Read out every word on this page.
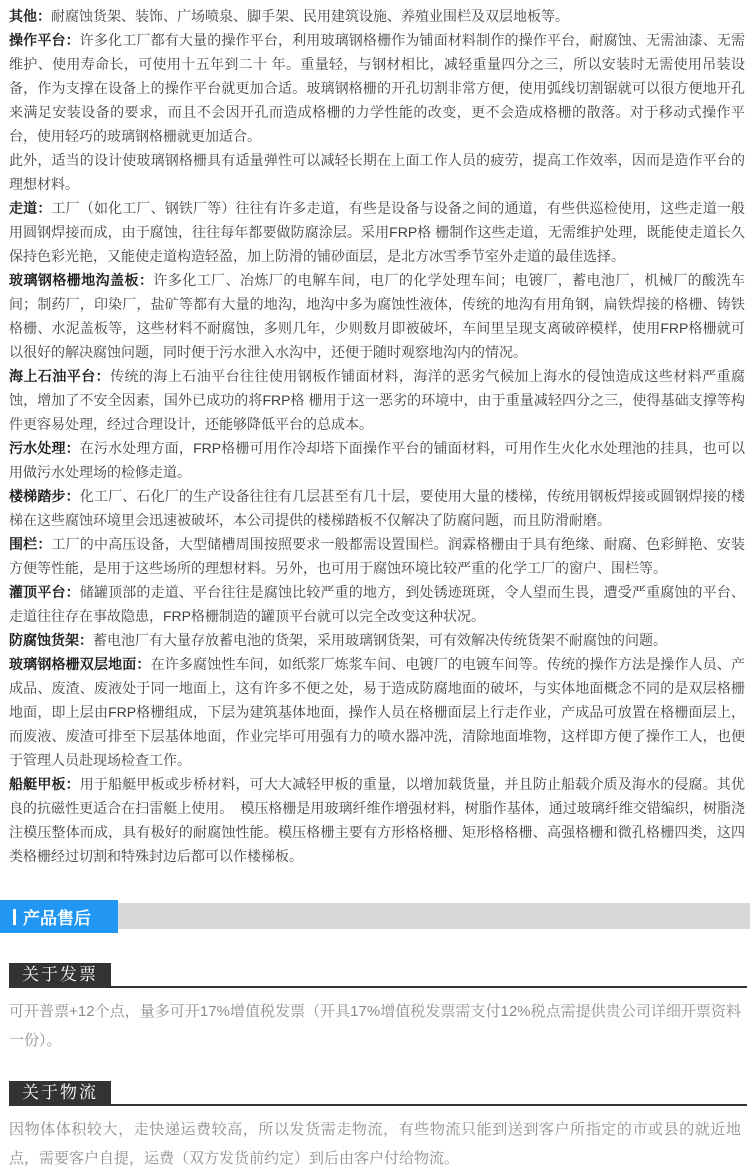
其他：耐腐蚀货架、装饰、广场喷泉、脚手架、民用建筑设施、养殖业围栏及双层地板等。

操作平台：许多化工厂都有大量的操作平台，利用玻璃钢格栅作为铺面材料制作的操作平台，耐腐蚀、无需油漆、无需维护、使用寿命长，可使用十五年到二十 年。重量轻，与钢材相比，减轻重量四分之三，所以安装时无需使用吊装设备，作为支撑在设备上的操作平台就更加合适。玻璃钢格栅的开孔切割非常方便，使用弧线切割锯就可以很方便地开孔来满足安装设备的要求，而且不会因开孔而造成格栅的力学性能的改变，更不会造成格栅的散落。对于移动式操作平台，使用轻巧的玻璃钢格栅就更加适合。

此外，适当的设计使玻璃钢格栅具有适量弹性可以减轻长期在上面工作人员的疲劳，提高工作效率，因而是造作平台的理想材料。

走道：工厂（如化工厂、钢铁厂等）往往有许多走道，有些是设备与设备之间的通道，有些供巡检使用，这些走道一般用圆钢焊接而成，由于腐蚀，往往每年都要做防腐涂层。采用FRP格 栅制作这些走道，无需维护处理，既能使走道长久保持色彩光艳，又能使走道构造轻盈，加上防滑的铺砂面层，是北方冰雪季节室外走道的最佳选择。

玻璃钢格栅地沟盖板：许多化工厂、冶炼厂的电解车间，电厂的化学处理车间；电镀厂，蓄电池厂，机械厂的酸洗车间；制药厂，印染厂，盐矿等都有大量的地沟，地沟中多为腐蚀性液体，传统的地沟有用角钢，扁铁焊接的格栅、铸铁格栅、水泥盖板等，这些材料不耐腐蚀，多则几年，少则数月即被破坏，车间里呈现支离破碎模样，使用FRP格栅就可以很好的解决腐蚀问题，同时便于污水泄入水沟中，还便于随时观察地沟内的情况。

海上石油平台：传统的海上石油平台往往使用钢板作铺面材料，海洋的恶劣气候加上海水的侵蚀造成这些材料严重腐蚀，增加了不安全因素，国外已成功的将FRP格 栅用于这一恶劣的环境中，由于重量减轻四分之三，使得基础支撑等构件更容易处理，经过合理设计，还能够降低平台的总成本。

污水处理：在污水处理方面，FRP格栅可用作冷却塔下面操作平台的铺面材料，可用作生火化水处理池的挂具，也可以用做污水处理场的检修走道。

楼梯踏步：化工厂、石化厂的生产设备往往有几层甚至有几十层，要使用大量的楼梯，传统用钢板焊接或圆钢焊接的楼梯在这些腐蚀环境里会迅速被破坏，本公司提供的楼梯踏板不仅解决了防腐问题，而且防滑耐磨。

围栏：工厂的中高压设备，大型储槽周围按照要求一般都需设置围栏。润霖格栅由于具有绝缘、耐腐、色彩鲜艳、安装方便等性能，是用于这些场所的理想材料。另外，也可用于腐蚀环境比较严重的化学工厂的窗户、围栏等。

灌顶平台：储罐顶部的走道、平台往往是腐蚀比较严重的地方，到处锈迹斑斑，令人望而生畏，遭受严重腐蚀的平台、走道往往存在事故隐患，FRP格栅制造的罐顶平台就可以完全改变这种状况。

防腐蚀货架：蓄电池厂有大量存放蓄电池的货架，采用玻璃钢货架，可有效解决传统货架不耐腐蚀的问题。

玻璃钢格栅双层地面：在许多腐蚀性车间，如纸浆厂炼浆车间、电镀厂的电镀车间等。传统的操作方法是操作人员、产成品、废渣、废液处于同一地面上，这有许多不便之处，易于造成防腐地面的破坏，与实体地面概念不同的是双层格栅地面，即上层由FRP格栅组成，下层为建筑基体地面，操作人员在格栅面层上行走作业，产成品可放置在格栅面层上，而废液、废渣可排至下层基体地面，作业完毕可用强有力的喷水器冲洗，清除地面堆物，这样即方便了操作工人，也便于管理人员赴现场检查工作。

船艇甲板：用于船艇甲板或步桥材料，可大大减轻甲板的重量，以增加载货量，并且防止船载介质及海水的侵腐。其优良的抗磁性更适合在扫雷艇上使用。　模压格栅是用玻璃纤维作增强材料，树脂作基体，通过玻璃纤维交错编织，树脂浇注模压整体而成，具有极好的耐腐蚀性能。模压格栅主要有方形格格栅、矩形格格栅、高强格栅和微孔格栅四类，这四类格栅经过切割和特殊封边后都可以作楼梯板。

产品售后
关于发票
可开普票+12个点，量多可开17%增值税发票（开具17%增值税发票需支付12%税点需提供贵公司详细开票资料一份）。
关于物流
因物体体积较大，走快递运费较高，所以发货需走物流，有些物流只能到送到客户所指定的市或县的就近地点，需要客户自提，运费（双方发货前约定）到后由客户付给物流。
